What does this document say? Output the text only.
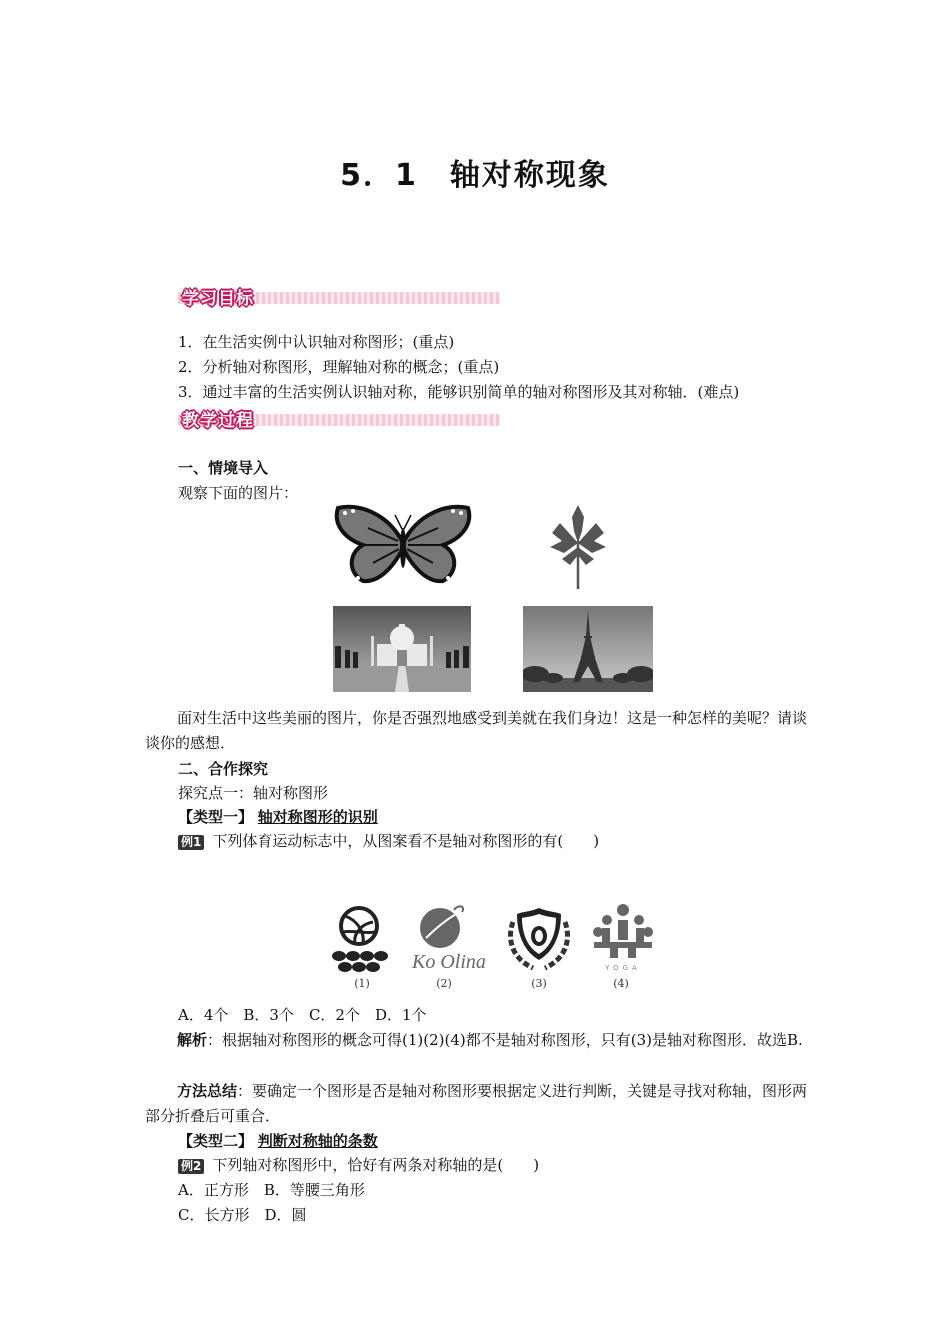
5．1　轴对称现象
学习目标
1．在生活实例中认识轴对称图形；(重点)
2．分析轴对称图形，理解轴对称的概念；(重点)
3．通过丰富的生活实例认识轴对称，能够识别简单的轴对称图形及其对称轴．(难点)
教学过程
一、情境导入
观察下面的图片：
面对生活中这些美丽的图片，你是否强烈地感受到美就在我们身边！这是一种怎样的美呢？请谈谈你的感想．
二、合作探究
探究点一：轴对称图形
【类型一】 轴对称图形的识别
例1 下列体育运动标志中，从图案看不是轴对称图形的有(　　)
Ko Olina	YOGA
(1)	(2)	(3)	(4)
A．4个　B．3个　C．2个　D．1个
解析：根据轴对称图形的概念可得(1)(2)(4)都不是轴对称图形，只有(3)是轴对称图形．故选B.
方法总结：要确定一个图形是否是轴对称图形要根据定义进行判断，关键是寻找对称轴，图形两部分折叠后可重合．
【类型二】 判断对称轴的条数
例2 下列轴对称图形中，恰好有两条对称轴的是(　　)
A．正方形　B．等腰三角形
C．长方形　D．圆
